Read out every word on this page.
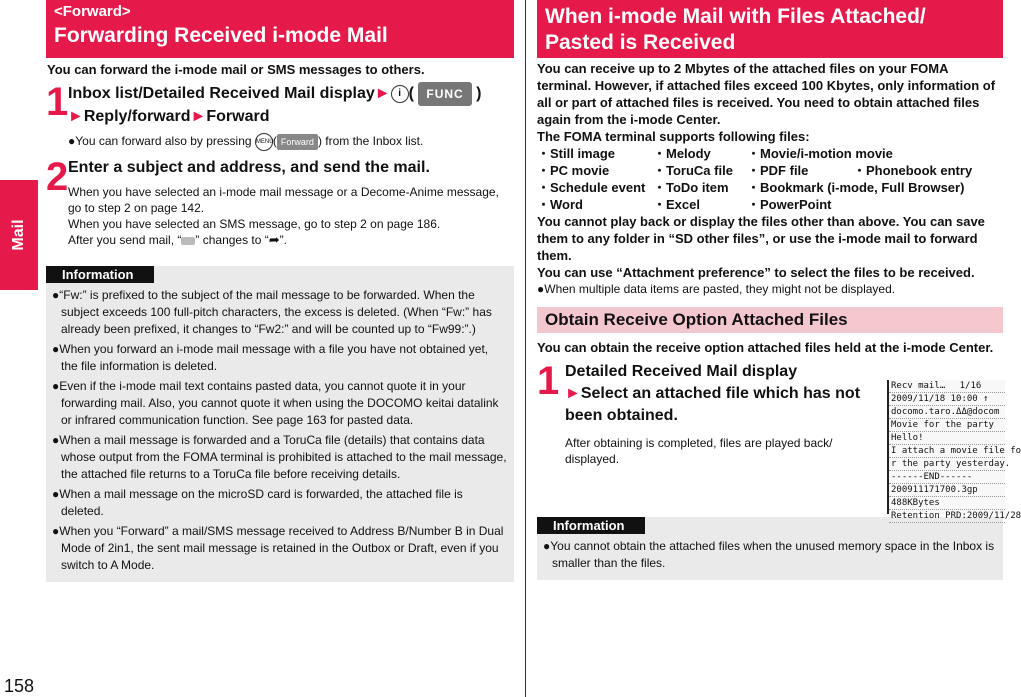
Mail
158
<Forward>
Forwarding Received i-mode Mail
You can forward the i-mode mail or SMS messages to others.
1 Inbox list/Detailed Received Mail display► i ( FUNC )
►Reply/forward►Forward
●You can forward also by pressing MENU( Forward ) from the Inbox list.
2 Enter a subject and address, and send the mail.
When you have selected an i-mode mail message or a Decome-Anime message, go to step 2 on page 142.
When you have selected an SMS message, go to step 2 on page 186.
After you send mail, “ ” changes to “➦”.
Information
●“Fw:” is prefixed to the subject of the mail message to be forwarded. When the subject exceeds 100 full-pitch characters, the excess is deleted. (When “Fw:” has already been prefixed, it changes to “Fw2:” and will be counted up to “Fw99:”.)
●When you forward an i-mode mail message with a file you have not obtained yet, the file information is deleted.
●Even if the i-mode mail text contains pasted data, you cannot quote it in your forwarding mail. Also, you cannot quote it when using the DOCOMO keitai datalink or infrared communication function. See page 163 for pasted data.
●When a mail message is forwarded and a ToruCa file (details) that contains data whose output from the FOMA terminal is prohibited is attached to the mail message, the attached file returns to a ToruCa file before receiving details.
●When a mail message on the microSD card is forwarded, the attached file is deleted.
●When you “Forward” a mail/SMS message received to Address B/Number B in Dual Mode of 2in1, the sent mail message is retained in the Outbox or Draft, even if you switch to A Mode.
When i-mode Mail with Files Attached/
Pasted is Received
You can receive up to 2 Mbytes of the attached files on your FOMA terminal. However, if attached files exceed 100 Kbytes, only information of all or part of attached files is received. You need to obtain attached files again from the i-mode Center.
The FOMA terminal supports following files:
・Still image	・Melody	・Movie/i-motion movie
・PC movie	・ToruCa file	・PDF file	・Phonebook entry
・Schedule event ・ToDo item	・Bookmark (i-mode, Full Browser)
・Word	・Excel	・PowerPoint
You cannot play back or display the files other than above. You can save them to any folder in “SD other files”, or use the i-mode mail to forward them.
You can use “Attachment preference” to select the files to be received.
●When multiple data items are pasted, they might not be displayed.
Obtain Receive Option Attached Files
You can obtain the receive option attached files held at the i-mode Center.
1 Detailed Received Mail display
►Select an attached file which has not been obtained.
After obtaining is completed, files are played back/ displayed.
Information
●You cannot obtain the attached files when the unused memory space in the Inbox is smaller than the files.
Recv mail…　 1/16
2009/11/18 10:00 ↑
docomo.taro.ΔΔ@docom
Movie for the party
Hello!
I attach a movie file fo
r the party yesterday.
------END------
200911171700.3gp
488KBytes
Retention PRD:2009/11/28
